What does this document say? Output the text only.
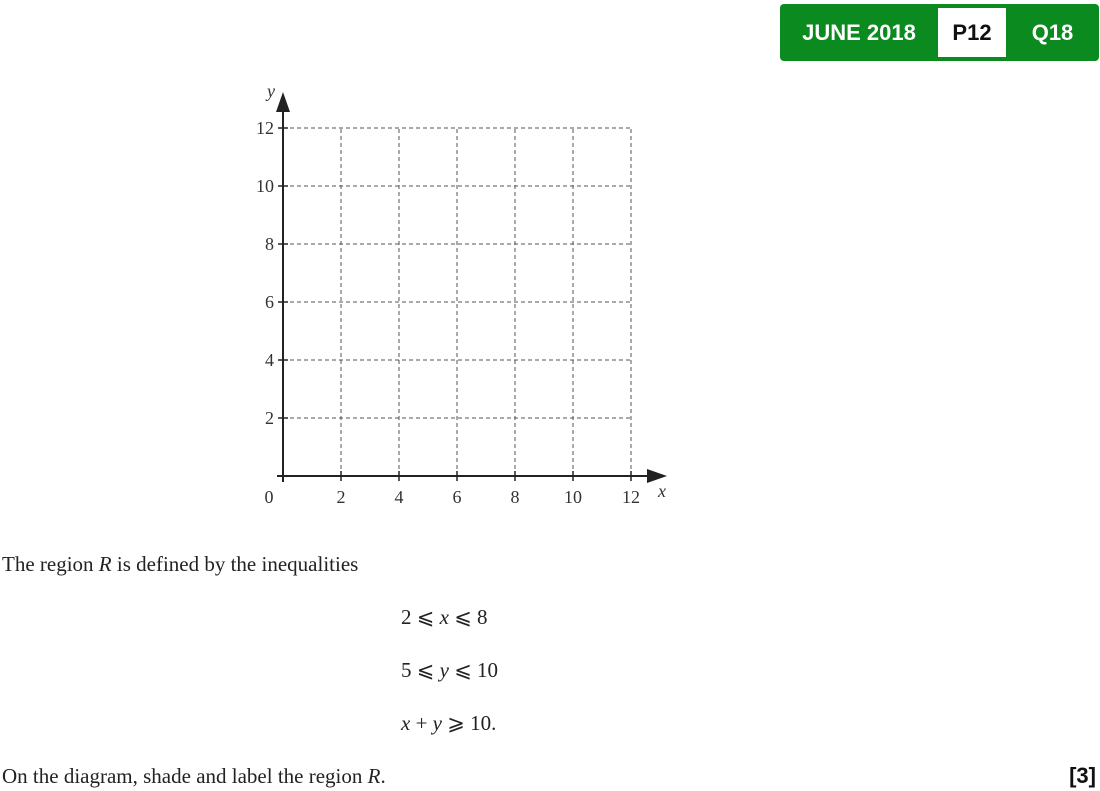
JUNE 2018	P12	Q18
2	4	6	8 10 12
2
4
6
8
10
12
0	x
y
The region R is defined by the inequalities
2 ⩽ x ⩽ 8
5 ⩽ y ⩽ 10
x + y ⩾ 10.
On the diagram, shade and label the region R.	[3]
